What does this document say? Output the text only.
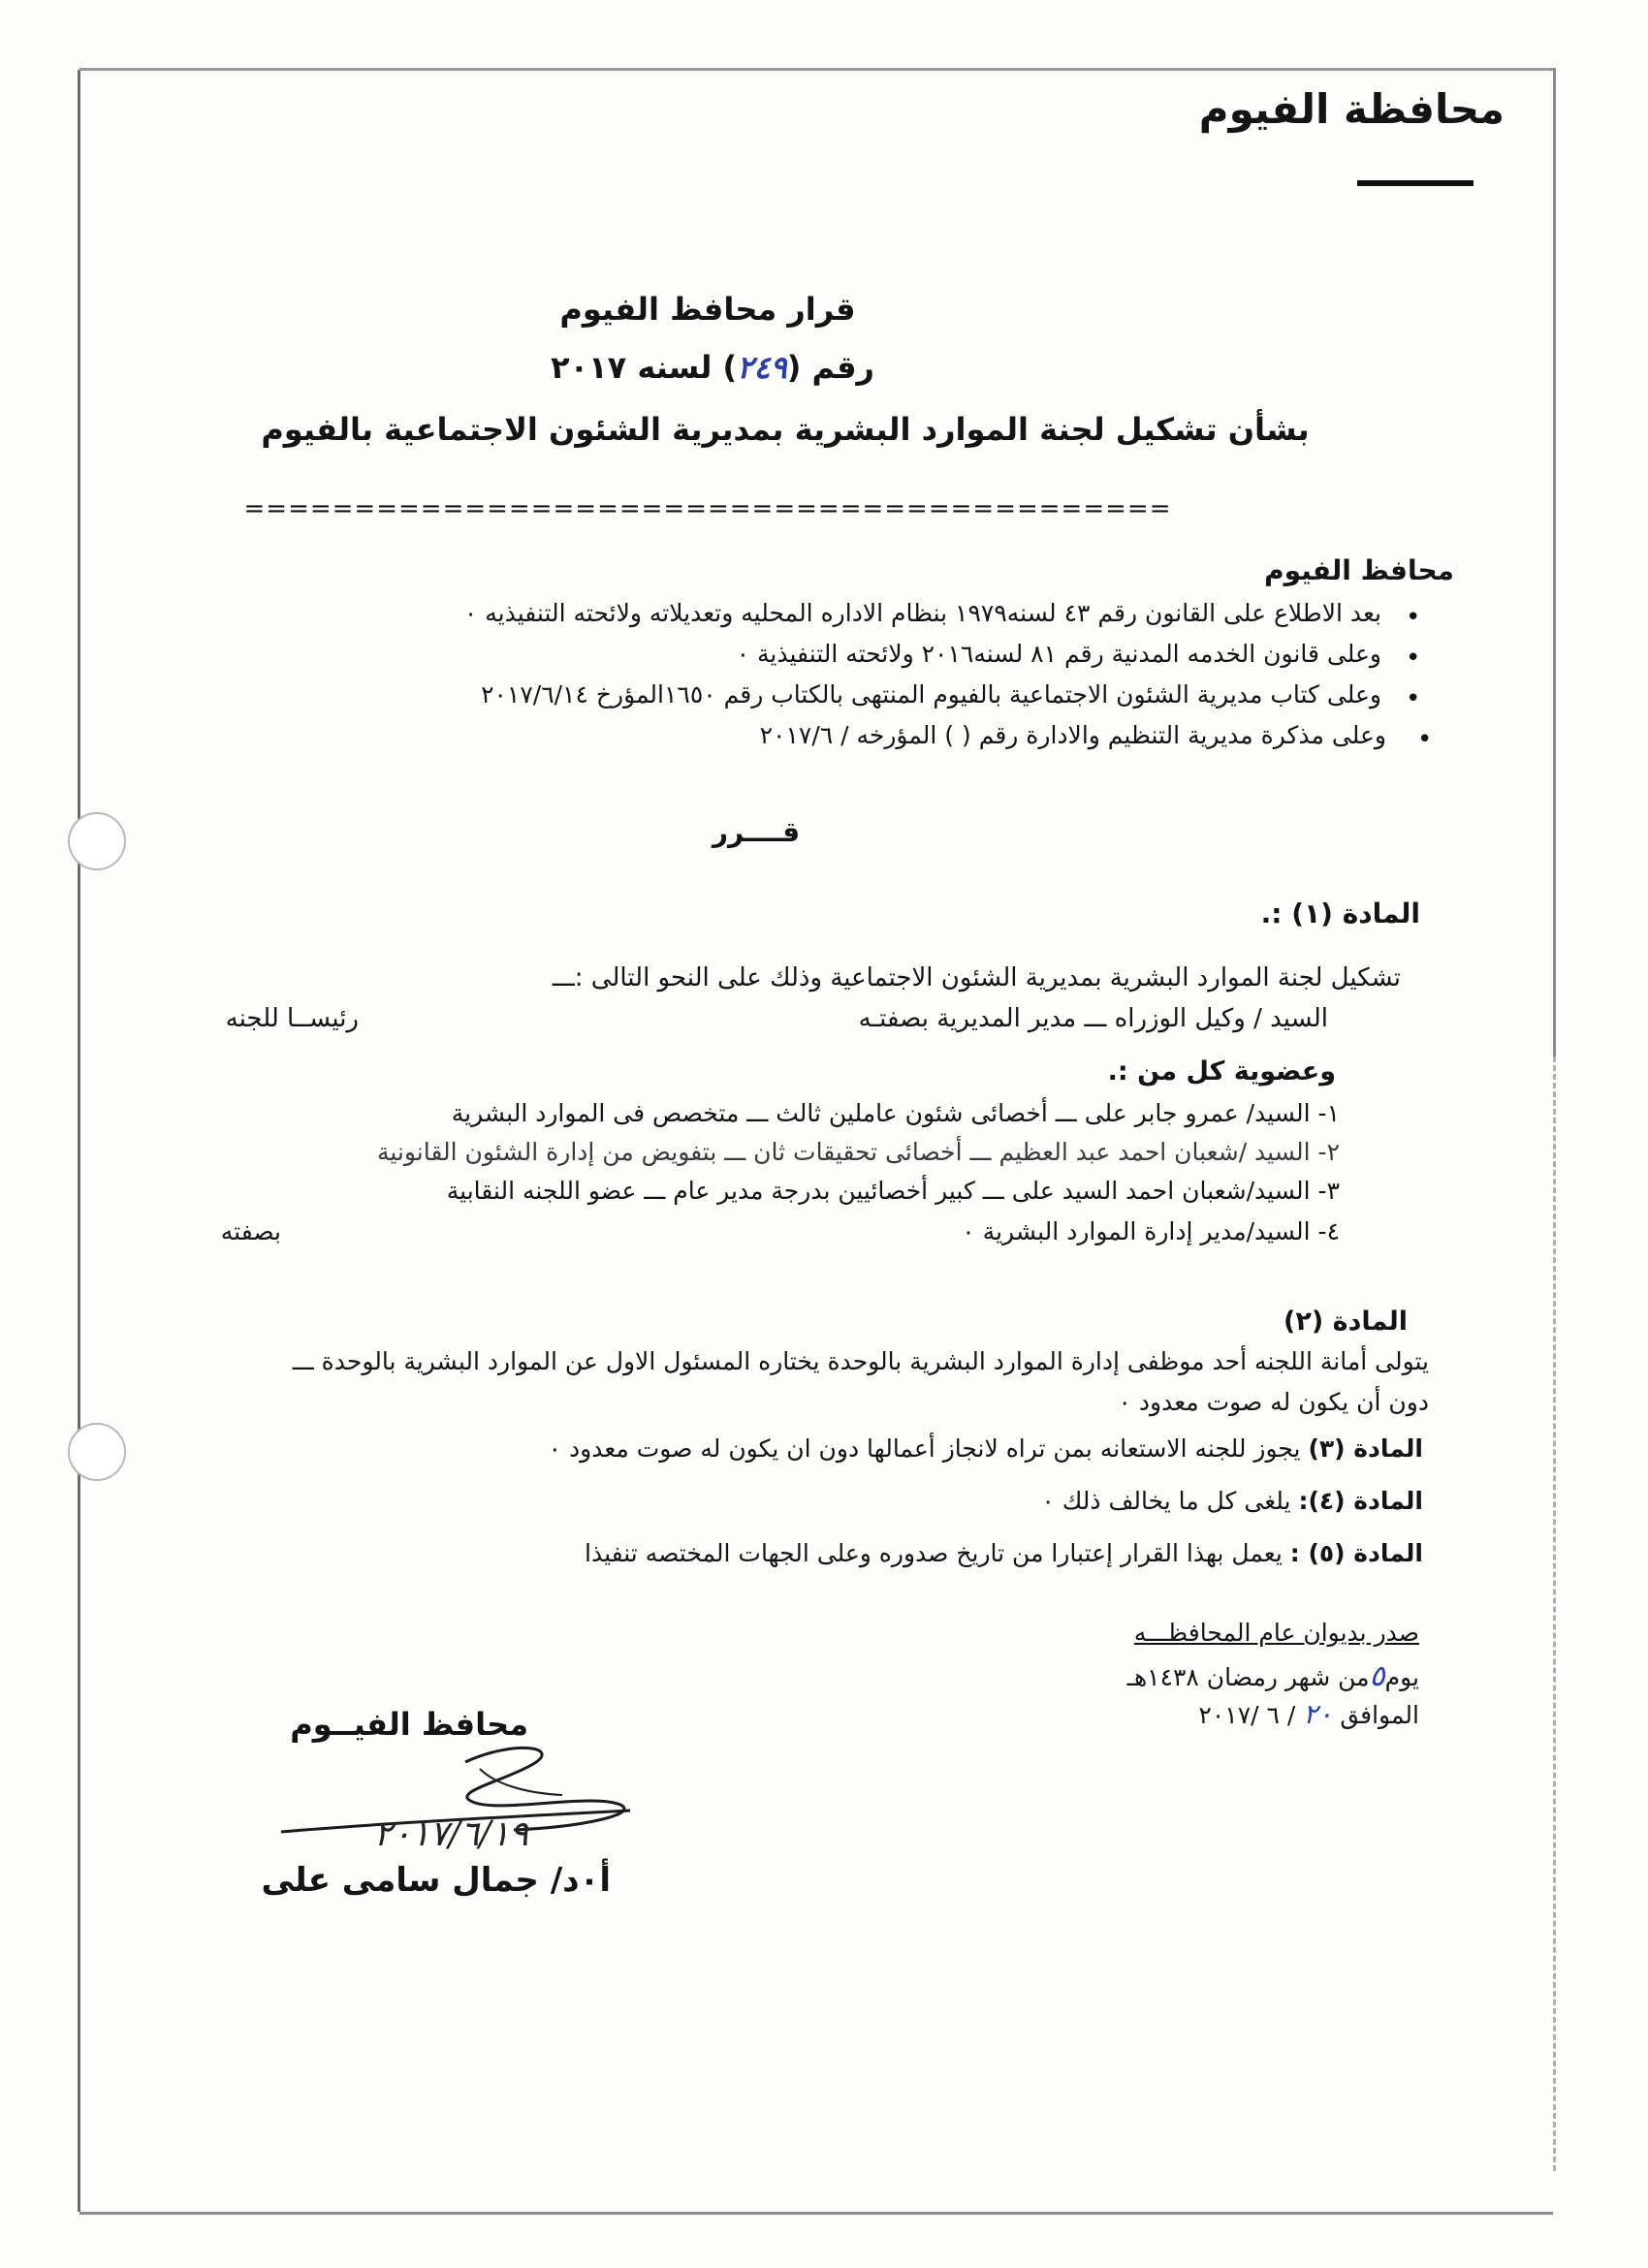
محافظة الفيوم
قرار محافظ الفيوم
رقم (٢٤٩) لسنه ٢٠١٧
بشأن تشكيل لجنة الموارد البشرية بمديرية الشئون الاجتماعية بالفيوم
==========================================
محافظ الفيوم
•
بعد الاطلاع على القانون رقم ٤٣ لسنه١٩٧٩ بنظام الاداره المحليه وتعديلاته ولائحته التنفيذيه ٠
•
وعلى قانون الخدمه المدنية رقم ٨١ لسنه٢٠١٦ ولائحته التنفيذية ٠
•
وعلى كتاب مديرية الشئون الاجتماعية بالفيوم المنتهى بالكتاب رقم ١٦٥٠المؤرخ ٢٠١٧/٦/١٤
•
وعلى مذكرة مديرية التنظيم والادارة رقم ( ) المؤرخه / ٢٠١٧/٦
قــــرر
المادة (١) :.
تشكيل لجنة الموارد البشرية بمديرية الشئون الاجتماعية وذلك على النحو التالى :ـــ
السيد / وكيل الوزراه ـــ مدير المديرية بصفتـه
رئيســا للجنه
وعضوية كل من :.
١- السيد/ عمرو جابر على ـــ أخصائى شئون عاملين ثالث ـــ متخصص فى الموارد البشرية
٢- السيد /شعبان احمد عبد العظيم ـــ أخصائى تحقيقات ثان ـــ بتفويض من إدارة الشئون القانونية
٣- السيد/شعبان احمد السيد على ـــ كبير أخصائيين بدرجة مدير عام ـــ عضو اللجنه النقابية
٤- السيد/مدير إدارة الموارد البشرية ٠
بصفته
المادة (٢)
يتولى أمانة اللجنه أحد موظفى إدارة الموارد البشرية بالوحدة يختاره المسئول الاول عن الموارد البشرية بالوحدة ـــ
دون أن يكون له صوت معدود ٠
المادة (٣) يجوز للجنه الاستعانه بمن تراه لانجاز أعمالها دون ان يكون له صوت معدود ٠
المادة (٤): يلغى كل ما يخالف ذلك ٠
المادة (٥) : يعمل بهذا القرار إعتبارا من تاريخ صدوره وعلى الجهات المختصه تنفيذا
صدر بديوان عام المحافظـــه
يوم٥من شهر رمضان ١٤٣٨هـ
الموافق ٢٠ / ٦ /٢٠١٧
محافظ الفيــوم
٢٠١٧/٦/١٩
أ٠د/ جمال سامى على
